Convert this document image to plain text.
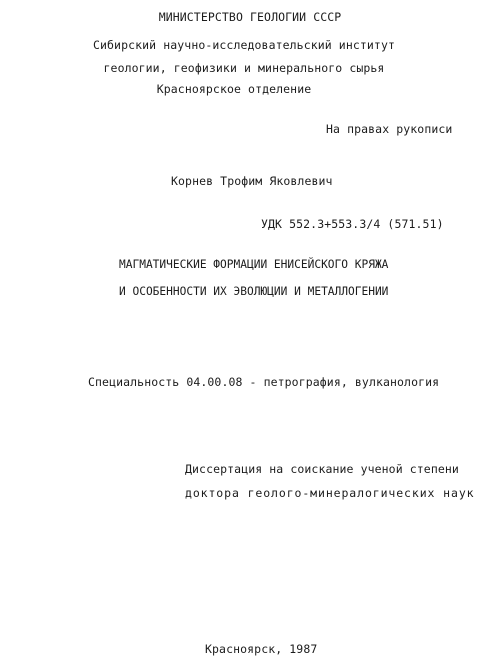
МИНИСТЕРСТВО ГЕОЛОГИИ СССР
Сибирский научно-исследовательский институт
геологии, геофизики и минерального сырья
Красноярское отделение
На правах рукописи
Корнев Трофим Яковлевич
УДК 552.3+553.3/4 (571.51)
МАГМАТИЧЕСКИЕ ФОРМАЦИИ ЕНИСЕЙСКОГО КРЯЖА
И ОСОБЕННОСТИ ИХ ЭВОЛЮЦИИ И МЕТАЛЛОГЕНИИ
Специальность 04.00.08 - петрография, вулканология
Диссертация на соискание ученой степени
доктора геолого-минералогических наук
Красноярск, 1987
